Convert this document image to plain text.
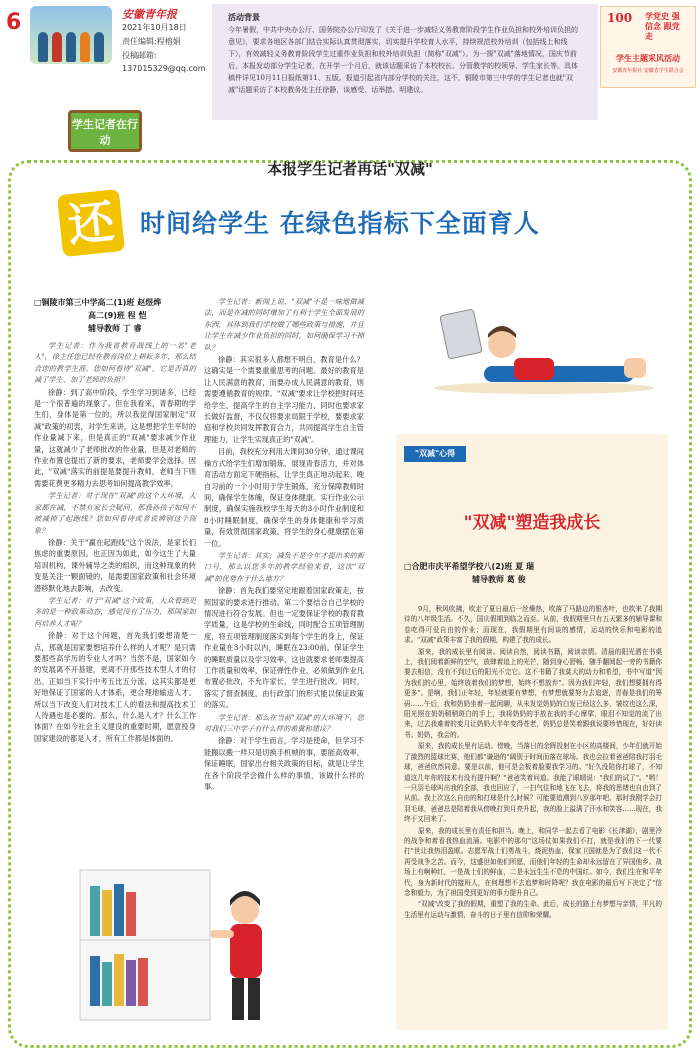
6	安徽青年报
2021年10月18日
责任编辑:程榕娟
投稿邮箱:
137015329@qq.com
学生记者在行动
活动背景
今年暑假，中共中央办公厅、国务院办公厅印发了《关于进一步减轻义务教育阶段学生作业负担和校外培训负担的意见》，要求各地区各部门结合实际认真贯彻落实，切实提升学校育人水平，持续规范校外培训（包括线上和线下），有效减轻义务教育阶段学生过重作业负担和校外培训负担（简称"双减"）。为一探"双减"落地情况，国庆节前后，本报发动部分学生记者，在开学一个月后，就该话题采访了本校校长、分管教学的校领导、学生家长等。具体稿件详见10月11日报纸第11、五版。报道引起省内部分学校的关注，这不，铜陵市第三中学的学生记者也就"双减"话题采访了本校教务处主任徐静，谈感受、话举措、明建议。
100 学党史 强信念 跟党走
学生主题采风活动
安徽青年报社 安徽省学生联合会
本报学生记者再话"双减"
还 时间给学生 在绿色指标下全面育人
□铜陵市第三中学高二(1)班 赵煜烨
高二(9)班 程 恺
辅导教师 丁 睿

学生记者：作为我省教育战线上的一名"老人"，徐主任您已经在教育岗位上耕耘多年，那么结合您的教学生涯，您如何看待"双减"，它是否真的减了学生、加了老师的负担？

徐静：到了高中阶段，学生学习到诸多，已经是一个很普遍的现象了。但在我看来，青春期的学生们，身体是第一位的。所以我觉得国家制定"双减"政策的初衷，对学生来讲，这是想把学生平时的作业量减下来，但是真正的"双减"要求减少作业量，这就减少了老师批改的作业量，但是对老师的作业布置也提出了新的要求，老师要学会选择。因此，"双减"落实的前提是要提升教师，老师当下则需要花费更多精力去思考如何提高教学效率。

学生记者：对于现在"双减"的这个大环境，大家都在减，不禁有家长会疑问，那我孙孩子如何不被减掉了起跑线？您如何看待或者说辨别这个现象？

徐静：关于"赢在起跑线"这个说法，是家长们焦虑的重要原因。也正因为如此，如今这生了大量培训机构，课外辅导之类的组织，而这种现象的转变是关注一颗面镜的，是需要国家政策和社会环境潜移默化地去影响，去改变。

学生记者：对于"双减"这个政策，大众看到更多的是一种政策动态，感觉没有了压力，那国家如何培养人才呢？

徐静：对于这个问题，首先我们要想清楚一点，那就是国家要想培养什么样的人才呢？是只需要那些高学历的专业人才吗？当然不是，国家如今的发展离不开基建，更离不开那些技术型人才的付出。正如当下实行中考五比五分流，这其实都是更好地保证了国家的人才体系，更合理地输送人才。所以当下改变人们对技术工人的看法和提高技术工人待遇也是必要的。那么，什么是人才？什么工作体面？在如今社会主义建设的重要时期，愿意投身国家建设的都是人才，所有工作都是体面的。

学生记者：新闻上说，"双减"不是一味地做减法，而是在减的同时增加了有利于学生全面发展的东西，具体到我们学校做了哪些政策与措施，并且让学生在减少作业负担的同时，如何确保学习不掉队？

徐静：其实很多人都想不明白，教育是什么？这确实是一个需要重重思考的问题。最好的教育是让人民满意的教育，而要办成人民满意的教育，则需要遵循教育的规律。"双减"要求让学校把时间还给学生，提高学生的自主学习能力，同时也要求家长做好监督，不仅仅将要求局限于学校，要要求家庭和学校共同发挥教育合力，共同提高学生自主管理能力，让学生实现真正的"双减"。

目前，我校充分利用大课间30分钟，通过课间操方式给学生们增加锻炼，展现青春活力，并对体育活动方面定下硬指标，让学生真正地动起来。晚自习前的一个小时用于学生锻炼，充分保障教师时间，确保学生体魄，保证身体健康。实行作业公示制度，确保实施我校学生每天的3小时作业制度和8小时睡眠制度，确保学生的身体健康和学习质量，有效贯彻国家政策，将学生的身心健康摆在第一位。

学生记者：其实，减负不是今年才提出来的新口号，那么以您多年的教学经验来看，这次"双减"的优势在于什么地方？

徐静：首先我们要坚定地跟着国家政策走，按照国家的要求进行推动。第二个要结合自己学校的情况进行符合发展。但也一定要保证学校的教育教学质量，这是学校的生命线，同时配合五项管理制度，将五项管理制度落实到每个学生的身上，保证作业量在3小时以内，睡眠在23:00前，保证学生的睡眠质量以及学习效率，这也就要求老师要提高工作质量和效率，保证弹性作业，必须做到作业凡布置必批改，不允许家长，学生进行批改。同时，落实了督查制度，由行政部门的形式能以保证政策的落实。

学生记者：那么在当前"双减"的大环境下，您对我们三中学子有什么样的希冀和建议？

徐静：对于学生而言，学习是使命，但学习不能搬以搬一样只是切换手机帧的事，要能高效率，保证睡眠，国家出台相关政策的目标，就是让学生在各个阶段学会做什么样的事情，该做什么样的事。

"双减"心得
"双减"塑造我成长
□合肥市庆平希望学校八(2)班 夏 瑞
辅导教师 葛 俊

9月，秋风吹拂，吹走了夏日最后一丝燥热，吹落了马路边的银杏叶，也吹来了我期待的八年级生活。不久，国庆假期到临之而至。从前，我假期里只有五天繁多的辅导课和卷吃得可爱自由的作业；而现在，我假期里有间谈的感情，运动的快乐和电影的追求。"双减"政策丰富了我的假期，构建了我的成长。

原来，我的成长里有阅读。阅读自然，阅读书籍，阅读亲情。清晨的阳光洒在书桌上，我们阅着新鲜的空气，放肆着追上的光芒，随到身心舒畅，随手翻阅起一旁的书籍你要去相信，没有不到过后的阳光不完它。这不书籍了我莫大的动力和希望，书中写道"因为我们的心里，始终放着我们的梦想，始终不想放弃"。因为我们年轻，我们想要拥有得更多"。是啊，我们正年轻，年轻就要有梦想，有梦想就要努力去追逐，青春是我们的筹码……午后，我和奶奶坐着一起闲聊，从未发觉奶奶的白发已经这么多，皱纹也这么深，阳光照在奶奶稍稍斑白的手上，我将奶奶的手放在我的手心摩挲，眼泪不知觉的流了出来，过去我难着的变月让奶奶大半年变得苍老，奶奶总是笑着跟我说要珍惜现在，好好读书。奶奶，我会的。

原来，我的成长里有运动。傍晚，当落日的余晖投射在小区的高楼间，少年们就开始了激烈的篮球比赛，他们都"谦逊的"阔别于时间而落在球场。我也会拉着爸爸陪我打羽毛球，爸爸欣然同意。要是以前，他可是会板着脸要我学习的。"好久没陪你打球了，不知道这几年你的技术有没有提升啊？"爸爸笑着问道。我能了眼晴说："我们的试了"。"哟！一只羽毛球叫出我的全部，我也回应了，一扫气往和地飞在飞去，将我的思绪也自由到了从前。我上次这么自由的和打球是什么时候？可能要追溯到八岁那年吧。那时我刚学会打羽毛球，爸爸总是陪着我从傍晚打到月亮升起，我的脸上溢满了汗水和笑容……现在，我终于又回来了。

原来，我的成长里有责任和担当。晚上，和同学一起去看了电影《长津湖》，剧里冷的战争和着看我热血流涌。电影中的那句"这场仗如果我们不打，就是我们的下一代要打"世让我热泪盈眶。志愿军战士们勇战斗，烧泥热血，保家卫国就是为了我们这一代不再受战争之苦。而今，这盛世如他们所愿，而他们年轻的生命却永远留在了异国他乡。战场上有啊种红，一是战士们的鲜血，二是永远生生不息的中国红。如今，我们生在和平年代，身为新时代的接班人，在何理想不去追梦和时降呢？我在电影的最后写下决定了"信念和毅力，为了祖国受到更好的事力提升自己。

"双减"改变了我的假期，重塑了我的生命。此后，成长的路上有梦想与亲情，平凡的生活里有运动与激情，奋斗的日子里有信仰和荣耀。
